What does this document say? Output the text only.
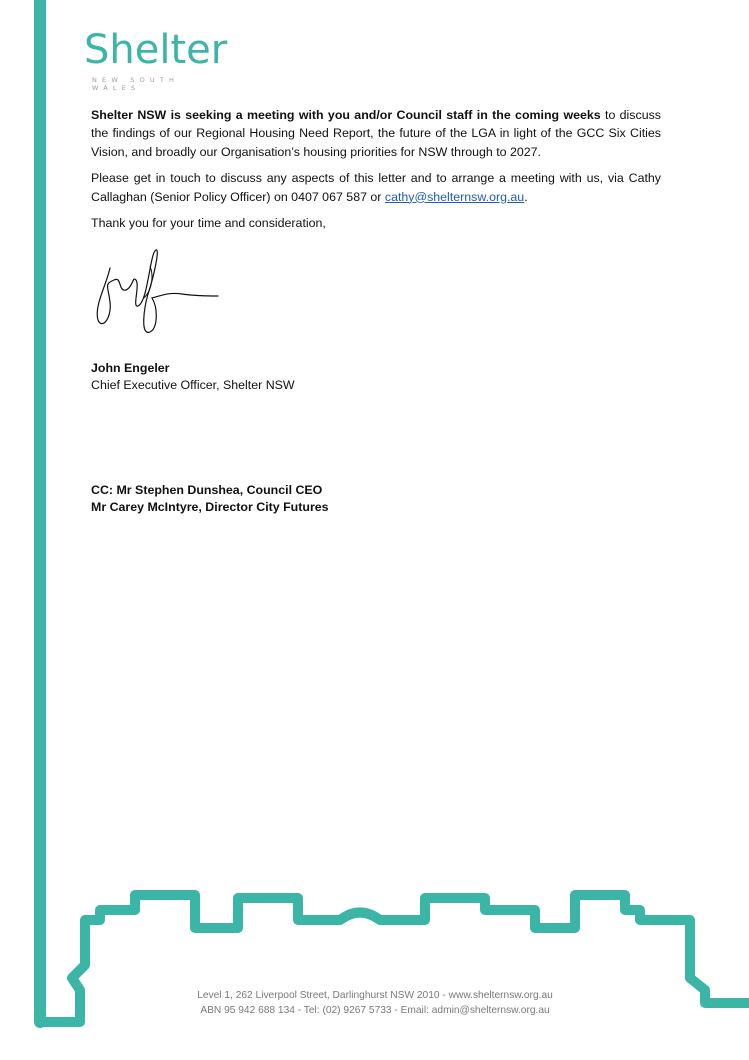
Shelter
NEW SOUTH WALES

Shelter NSW is seeking a meeting with you and/or Council staff in the coming weeks to discuss the findings of our Regional Housing Need Report, the future of the LGA in light of the GCC Six Cities Vision, and broadly our Organisation’s housing priorities for NSW through to 2027.

Please get in touch to discuss any aspects of this letter and to arrange a meeting with us, via Cathy Callaghan (Senior Policy Officer) on 0407 067 587 or cathy@shelternsw.org.au.

Thank you for your time and consideration,

John Engeler
Chief Executive Officer, Shelter NSW
CC: Mr Stephen Dunshea, Council CEO
Mr Carey McIntyre, Director City Futures
Level 1, 262 Liverpool Street, Darlinghurst NSW 2010 - www.shelternsw.org.au
ABN 95 942 688 134 - Tel: (02) 9267 5733 - Email: admin@shelternsw.org.au
